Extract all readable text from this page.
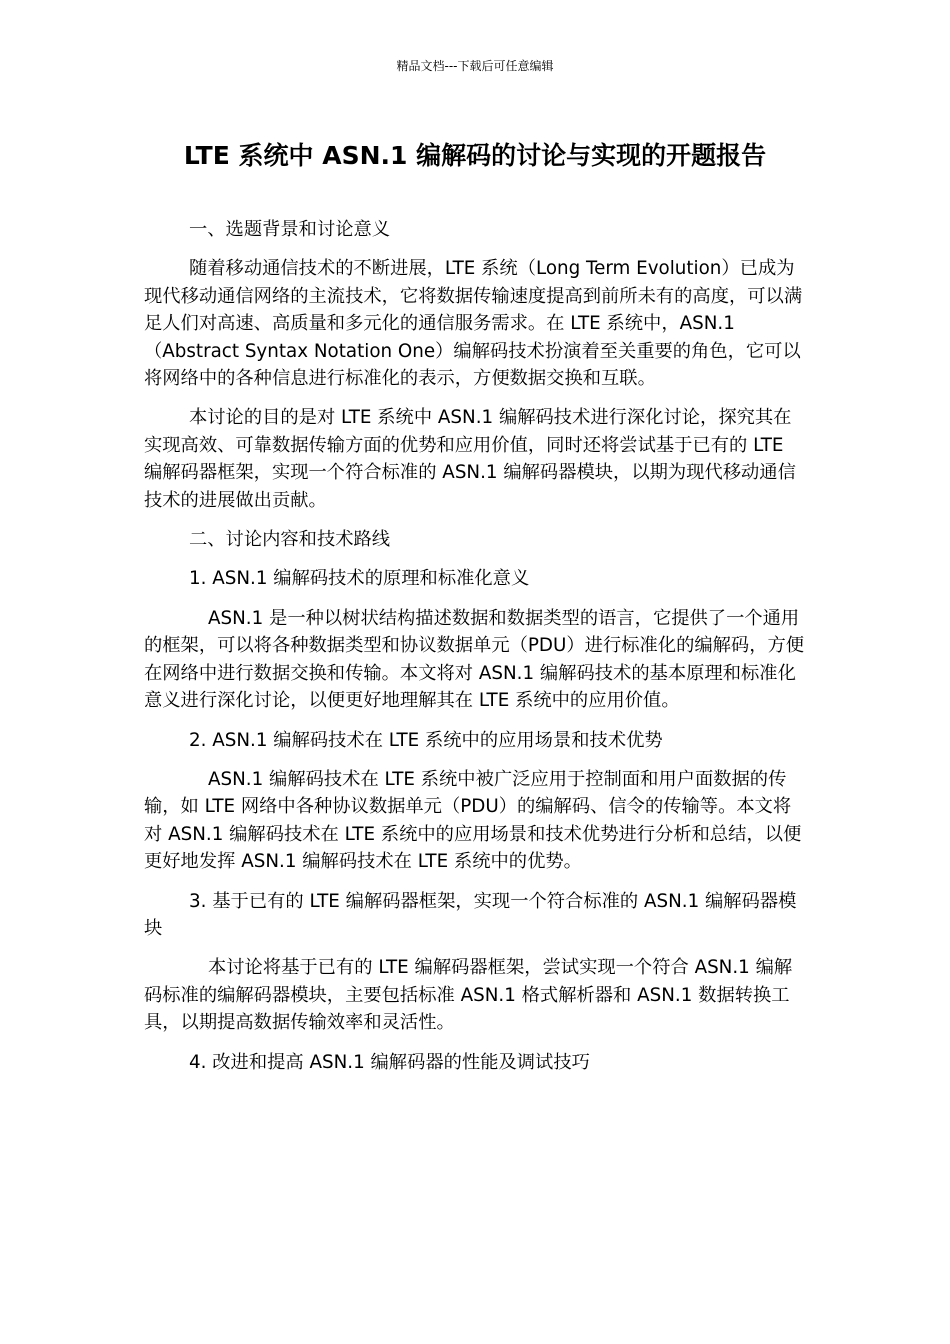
精品文档---下载后可任意编辑
LTE 系统中 ASN.1 编解码的讨论与实现的开题报告

一、选题背景和讨论意义

随着移动通信技术的不断进展，LTE 系统（Long Term Evolution）已成为现代移动通信网络的主流技术，它将数据传输速度提高到前所未有的高度，可以满足人们对高速、高质量和多元化的通信服务需求。在 LTE 系统中，ASN.1（Abstract Syntax Notation One）编解码技术扮演着至关重要的角色，它可以将网络中的各种信息进行标准化的表示，方便数据交换和互联。

本讨论的目的是对 LTE 系统中 ASN.1 编解码技术进行深化讨论，探究其在实现高效、可靠数据传输方面的优势和应用价值，同时还将尝试基于已有的 LTE 编解码器框架，实现一个符合标准的 ASN.1 编解码器模块，以期为现代移动通信技术的进展做出贡献。

二、讨论内容和技术路线

1. ASN.1 编解码技术的原理和标准化意义

ASN.1 是一种以树状结构描述数据和数据类型的语言，它提供了一个通用的框架，可以将各种数据类型和协议数据单元（PDU）进行标准化的编解码，方便在网络中进行数据交换和传输。本文将对 ASN.1 编解码技术的基本原理和标准化意义进行深化讨论，以便更好地理解其在 LTE 系统中的应用价值。

2. ASN.1 编解码技术在 LTE 系统中的应用场景和技术优势

ASN.1 编解码技术在 LTE 系统中被广泛应用于控制面和用户面数据的传输，如 LTE 网络中各种协议数据单元（PDU）的编解码、信令的传输等。本文将对 ASN.1 编解码技术在 LTE 系统中的应用场景和技术优势进行分析和总结，以便更好地发挥 ASN.1 编解码技术在 LTE 系统中的优势。

3. 基于已有的 LTE 编解码器框架，实现一个符合标准的 ASN.1 编解码器模块

本讨论将基于已有的 LTE 编解码器框架，尝试实现一个符合 ASN.1 编解码标准的编解码器模块，主要包括标准 ASN.1 格式解析器和 ASN.1 数据转换工具，以期提高数据传输效率和灵活性。

4. 改进和提高 ASN.1 编解码器的性能及调试技巧
